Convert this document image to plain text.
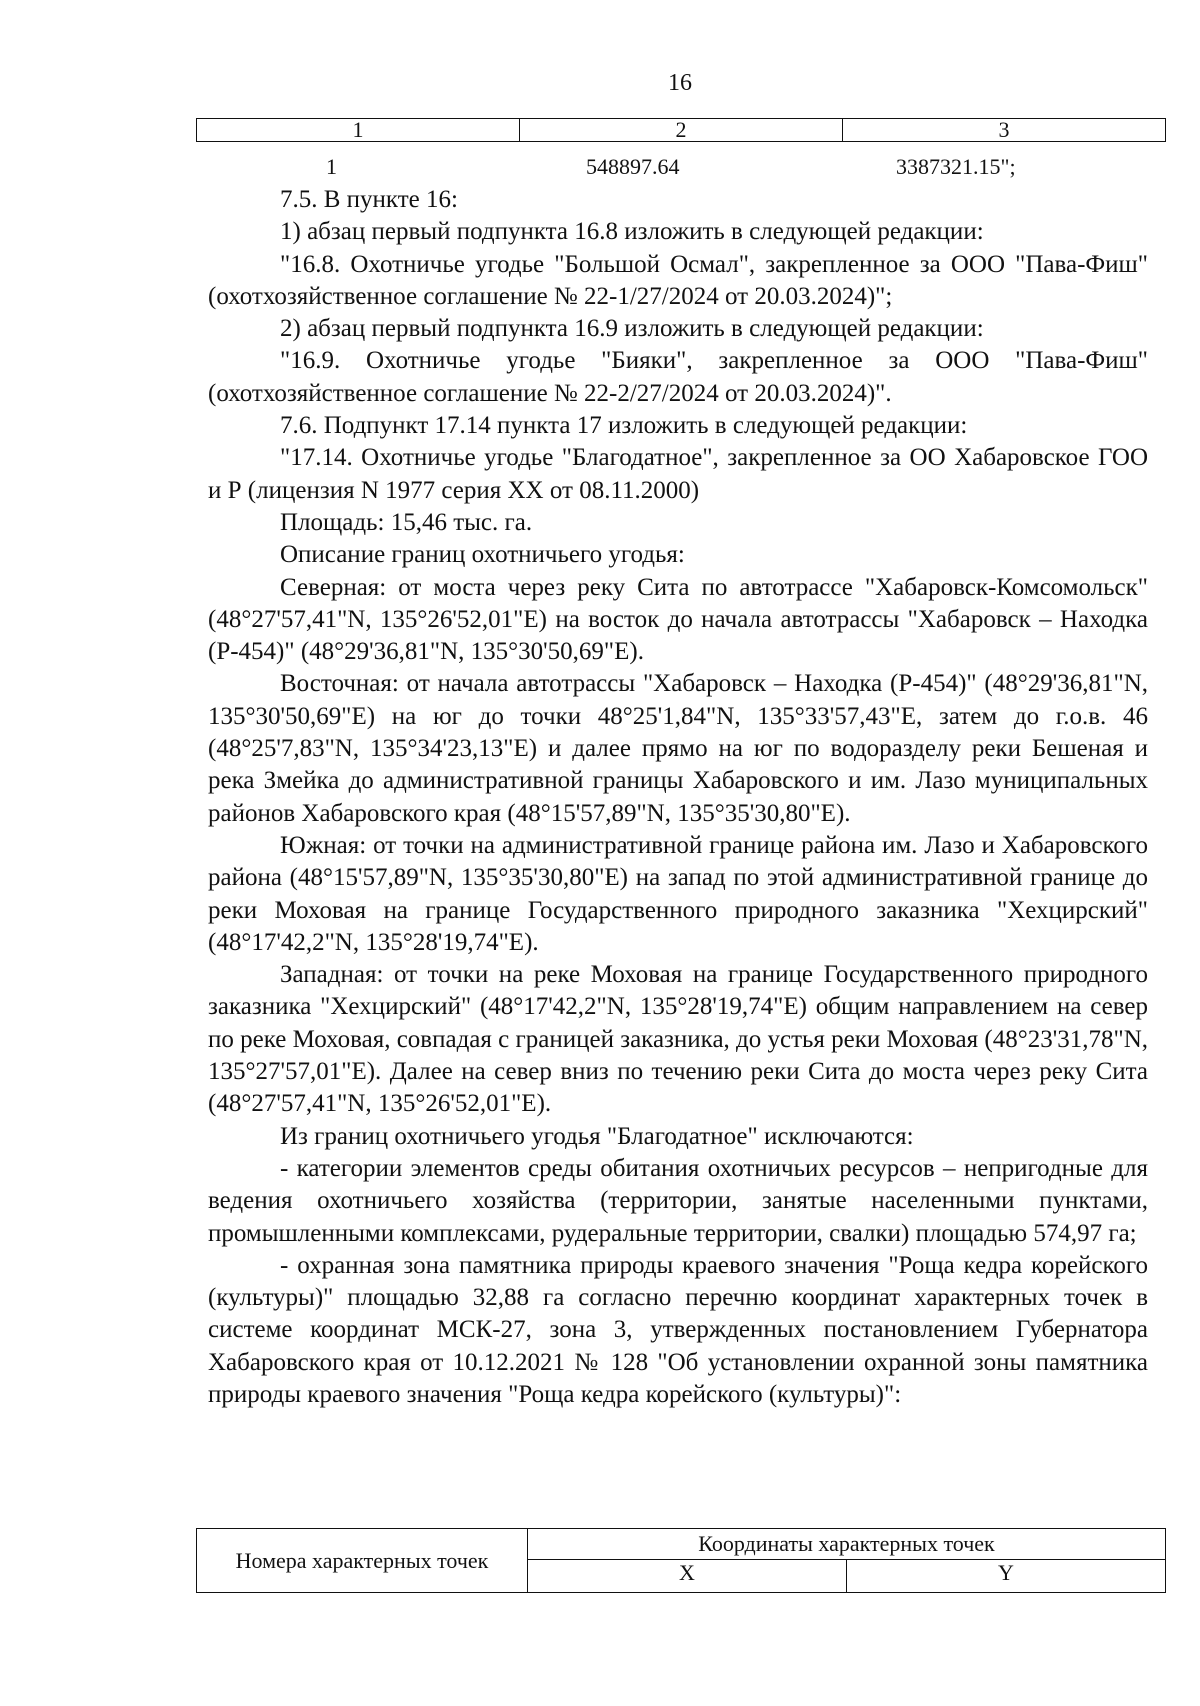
16
1	2	3
1	548897.64	3387321.15";

7.5. В пункте 16:

1) абзац первый подпункта 16.8 изложить в следующей редакции:

"16.8. Охотничье угодье "Большой Осмал", закрепленное за ООО "Пава-Фиш" (охотхозяйственное соглашение № 22-1/27/2024 от 20.03.2024)";

2) абзац первый подпункта 16.9 изложить в следующей редакции:

"16.9. Охотничье угодье "Бияки", закрепленное за ООО "Пава-Фиш" (охотхозяйственное соглашение № 22-2/27/2024 от 20.03.2024)".

7.6. Подпункт 17.14 пункта 17 изложить в следующей редакции:

"17.14. Охотничье угодье "Благодатное", закрепленное за ОО Хабаровское ГОО и Р (лицензия N 1977 серия XX от 08.11.2000)

Площадь: 15,46 тыс. га.

Описание границ охотничьего угодья:

Северная: от моста через реку Сита по автотрассе "Хабаровск-Комсомольск" (48°27'57,41"N, 135°26'52,01"E) на восток до начала автотрассы "Хабаровск – Находка (Р-454)" (48°29'36,81"N, 135°30'50,69"E).

Восточная: от начала автотрассы "Хабаровск – Находка (Р-454)" (48°29'36,81"N, 135°30'50,69"E) на юг до точки 48°25'1,84"N, 135°33'57,43"E, затем до г.о.в. 46 (48°25'7,83"N, 135°34'23,13"E) и далее прямо на юг по водоразделу реки Бешеная и река Змейка до административной границы Хабаровского и им. Лазо муниципальных районов Хабаровского края (48°15'57,89"N, 135°35'30,80"E).

Южная: от точки на административной границе района им. Лазо и Хабаровского района (48°15'57,89"N, 135°35'30,80"E) на запад по этой административной границе до реки Моховая на границе Государственного природного заказника "Хехцирский" (48°17'42,2"N, 135°28'19,74"E).

Западная: от точки на реке Моховая на границе Государственного природного заказника "Хехцирский" (48°17'42,2"N, 135°28'19,74"E) общим направлением на север по реке Моховая, совпадая с границей заказника, до устья реки Моховая (48°23'31,78"N, 135°27'57,01"E). Далее на север вниз по течению реки Сита до моста через реку Сита (48°27'57,41"N, 135°26'52,01"E).

Из границ охотничьего угодья "Благодатное" исключаются:

- категории элементов среды обитания охотничьих ресурсов – непригодные для ведения охотничьего хозяйства (территории, занятые населенными пунктами, промышленными комплексами, рудеральные территории, свалки) площадью 574,97 га;

- охранная зона памятника природы краевого значения "Роща кедра корейского (культуры)" площадью 32,88 га согласно перечню координат характерных точек в системе координат МСК-27, зона 3, утвержденных постановлением Губернатора Хабаровского края от 10.12.2021 № 128 "Об установлении охранной зоны памятника природы краевого значения "Роща кедра корейского (культуры)":

Номера характерных точек	Координаты характерных точек	
	X	Y
